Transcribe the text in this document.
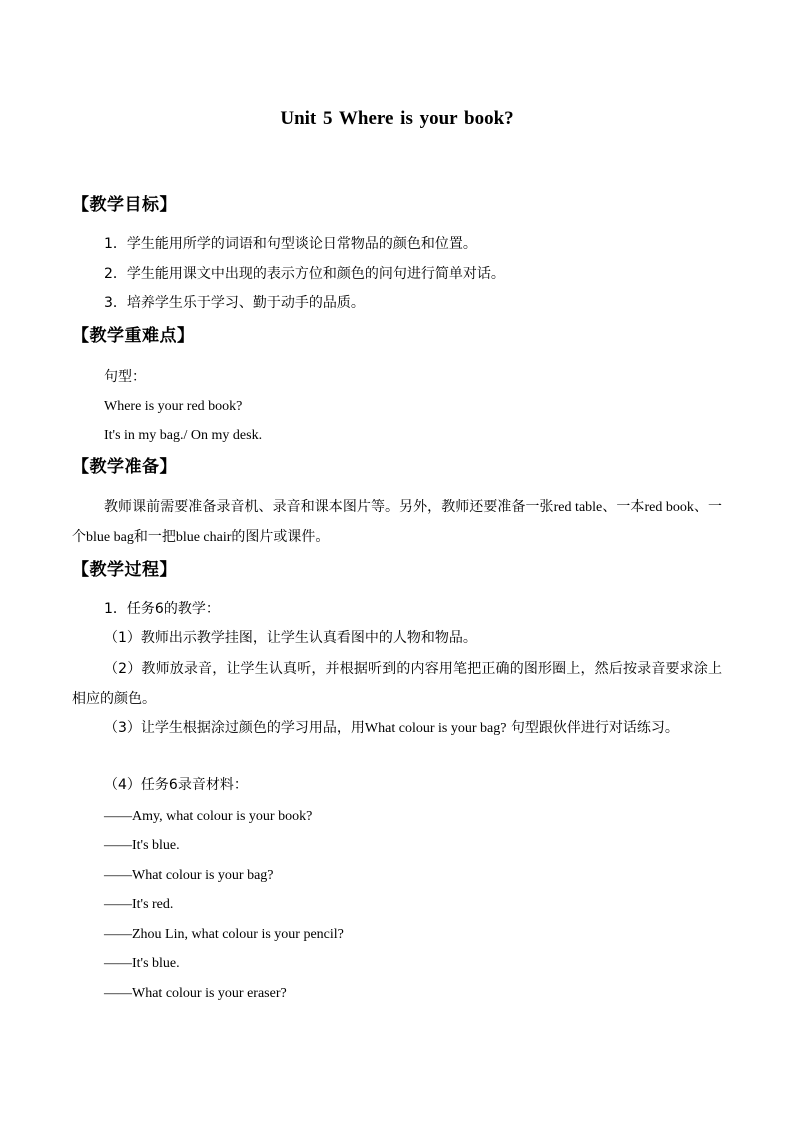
Unit 5 Where is your book?
【教学目标】
1．学生能用所学的词语和句型谈论日常物品的颜色和位置。
2．学生能用课文中出现的表示方位和颜色的问句进行简单对话。
3．培养学生乐于学习、勤于动手的品质。
【教学重难点】
句型：
Where is your red book?
It's in my bag./ On my desk.
【教学准备】
教师课前需要准备录音机、录音和课本图片等。另外，教师还要准备一张red table、一本red book、一个blue bag和一把blue chair的图片或课件。
【教学过程】
1．任务6的教学：
（1）教师出示教学挂图，让学生认真看图中的人物和物品。
（2）教师放录音，让学生认真听，并根据听到的内容用笔把正确的图形圈上，然后按录音要求涂上相应的颜色。
（3）让学生根据涂过颜色的学习用品，用What colour is your bag? 句型跟伙伴进行对话练习。
（4）任务6录音材料：
——Amy, what colour is your book?
——It's blue.
——What colour is your bag?
——It's red.
——Zhou Lin, what colour is your pencil?
——It's blue.
——What colour is your eraser?
